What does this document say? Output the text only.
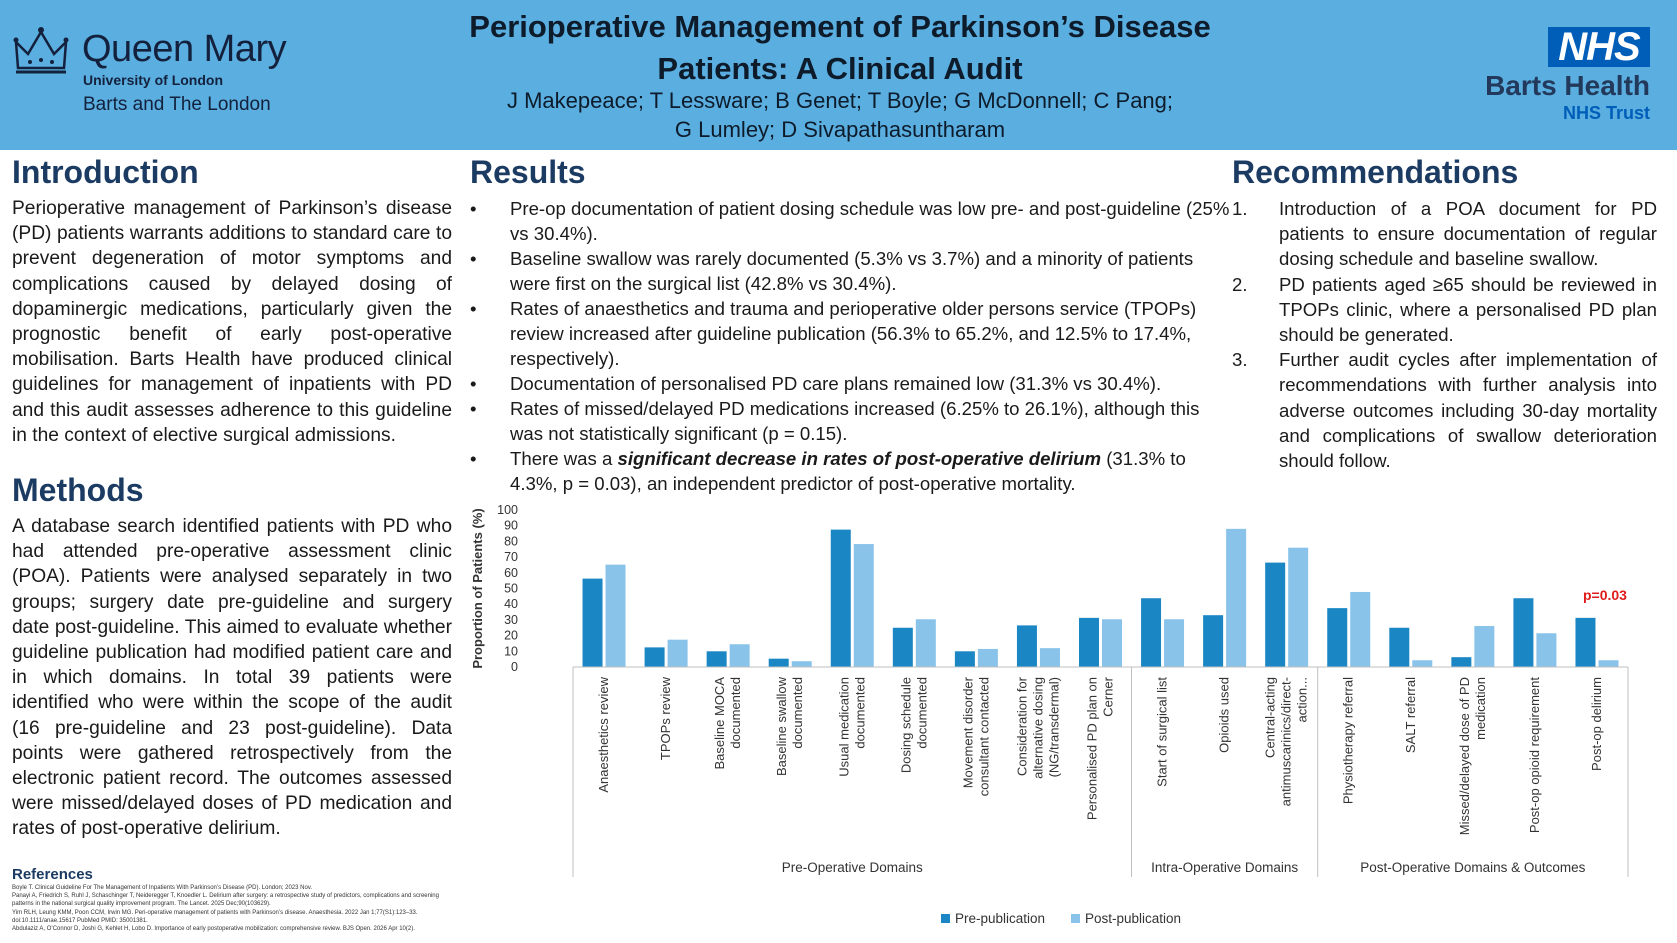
Queen Mary
University of London
Barts and The London
Perioperative Management of Parkinson’s Disease
Patients: A Clinical Audit
J Makepeace; T Lessware; B Genet; T Boyle; G McDonnell; C Pang;
G Lumley; D Sivapathasuntharam
NHS
Barts Health
NHS Trust
Introduction
Perioperative management of Parkinson’s disease (PD) patients warrants additions to standard care to prevent degeneration of motor symptoms and complications caused by delayed dosing of dopaminergic medications, particularly given the prognostic benefit of early post-operative mobilisation. Barts Health have produced clinical guidelines for management of inpatients with PD and this audit assesses adherence to this guideline in the context of elective surgical admissions.
Methods
A database search identified patients with PD who had attended pre-operative assessment clinic (POA). Patients were analysed separately in two groups; surgery date pre-guideline and surgery date post-guideline. This aimed to evaluate whether guideline publication had modified patient care and in which domains. In total 39 patients were identified who were within the scope of the audit (16 pre-guideline and 23 post-guideline). Data points were gathered retrospectively from the electronic patient record. The outcomes assessed were missed/delayed doses of PD medication and rates of post-operative delirium.
References
Boyle T. Clinical Guideline For The Management of Inpatients With Parkinson’s Disease (PD). London; 2023 Nov.
Panayi A, Friedrich S, Ruhl J, Schaschinger T, Neideregger T, Knoedler L. Delirium after surgery: a retrospective study of predictors, complications and screening patterns in the national surgical quality improvement program. The Lancet. 2025 Dec;90(103629).
Yim RLH, Leung KMM, Poon CCM, Irwin MG. Peri-operative management of patients with Parkinson’s disease. Anaesthesia. 2022 Jan 1;77(S1):123–33. doi:10.1111/anae.15617 PubMed PMID: 35001381.
Abdulaziz A, O’Connor D, Joshi G, Kehlet H, Lobo D. Importance of early postoperative mobilization: comprehensive review. BJS Open. 2026 Apr 10(2).
Results
• Pre-op documentation of patient dosing schedule was low pre- and post-guideline (25% vs 30.4%).
• Baseline swallow was rarely documented (5.3% vs 3.7%) and a minority of patients were first on the surgical list (42.8% vs 30.4%).
• Rates of anaesthetics and trauma and perioperative older persons service (TPOPs) review increased after guideline publication (56.3% to 65.2%, and 12.5% to 17.4%, respectively).
• Documentation of personalised PD care plans remained low (31.3% vs 30.4%).
• Rates of missed/delayed PD medications increased (6.25% to 26.1%), although this was not statistically significant (p = 0.15).
• There was a significant decrease in rates of post-operative delirium (31.3% to 4.3%, p = 0.03), an independent predictor of post-operative mortality.
Recommendations
1. Introduction of a POA document for PD patients to ensure documentation of regular dosing schedule and baseline swallow.
2. PD patients aged ≥65 should be reviewed in TPOPs clinic, where a personalised PD plan should be generated.
3. Further audit cycles after implementation of recommendations with further analysis into adverse outcomes including 30-day mortality and complications of swallow deterioration should follow.
0
10
20
30
40
50
60
70
80
90
100
Proportion of Patients (%)
Anaesthetics review	TPOPs review	Baseline MOCAdocumented Baseline swallowdocumented Usual medicationdocumented Dosing scheduledocumented Movement disorderconsultant contacted Consideration foralternative dosing(NG/transdermal) Personalised PD plan onCerner	Start of surgical list	Opioids used Central-actingantimuscarinics/direct-action... Physiotherapy referral	SALT referral	Missed/delayed dose of PDmedication	Post-op opioid requirement	Post-op delirium
Pre-Operative Domains	Intra-Operative Domains	Post-Operative Domains & Outcomes
p=0.03
Pre-publication	Post-publication
